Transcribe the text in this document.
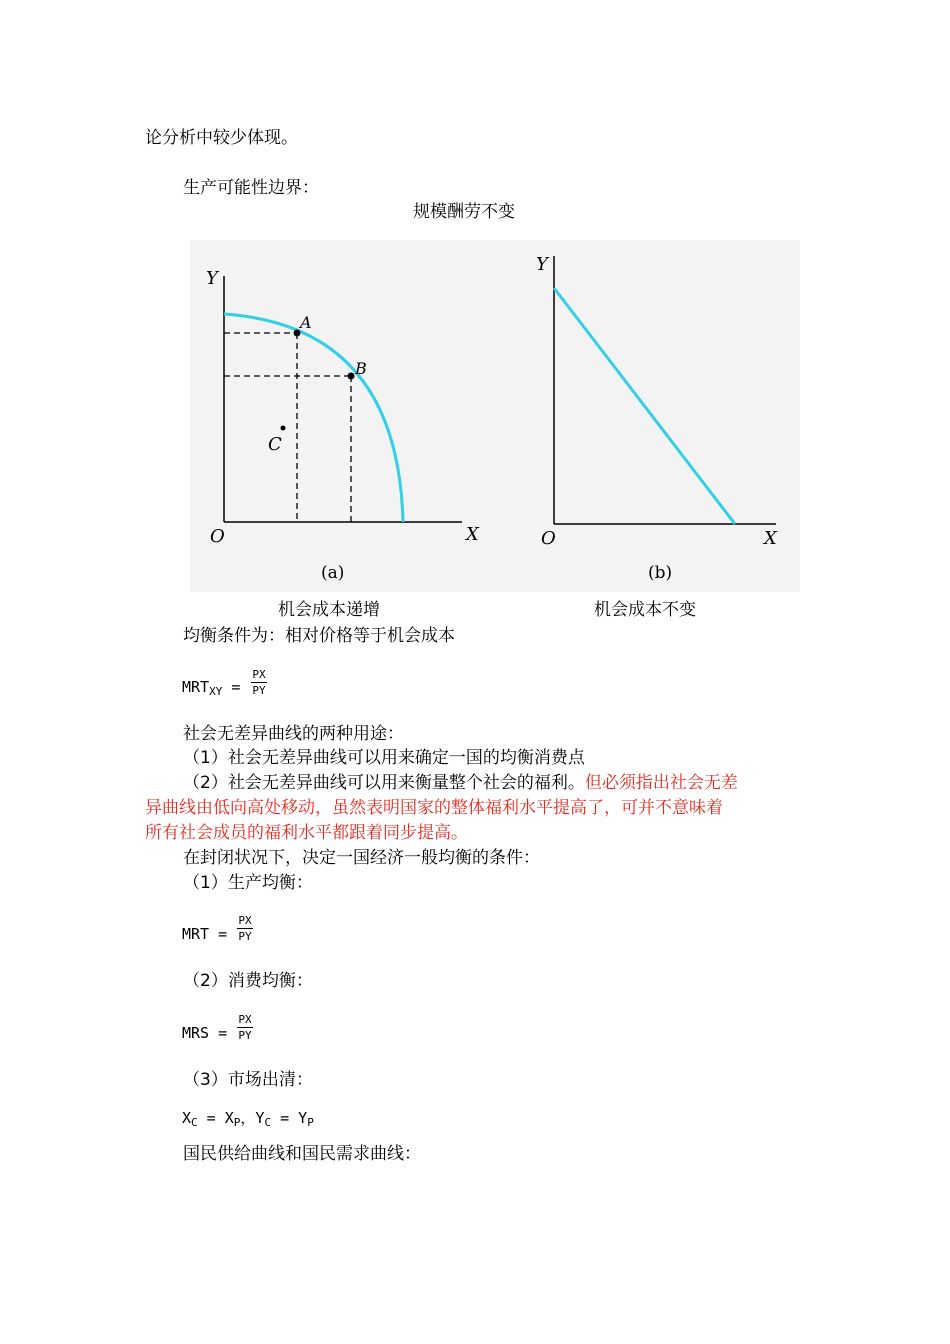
论分析中较少体现。
生产可能性边界：
规模酬劳不变
Y
X
O
A
B
C
(a)
Y
X
O
(b)
机会成本递增	机会成本不变
均衡条件为：相对价格等于机会成本
$MRT_{XY}$ =
PX
PY
社会无差异曲线的两种用途：
（1）社会无差异曲线可以用来确定一国的均衡消费点
（2）社会无差异曲线可以用来衡量整个社会的福利。但必须指出社会无差
异曲线由低向高处移动，虽然表明国家的整体福利水平提高了，可并不意味着
所有社会成员的福利水平都跟着同步提高。
在封闭状况下，决定一国经济一般均衡的条件：
（1）生产均衡：
MRT =
PX
PY
（2）消费均衡：
MRS =
PX
PY
（3）市场出清：
$X_C = X_P$，$Y_C = Y_P$
国民供给曲线和国民需求曲线：
